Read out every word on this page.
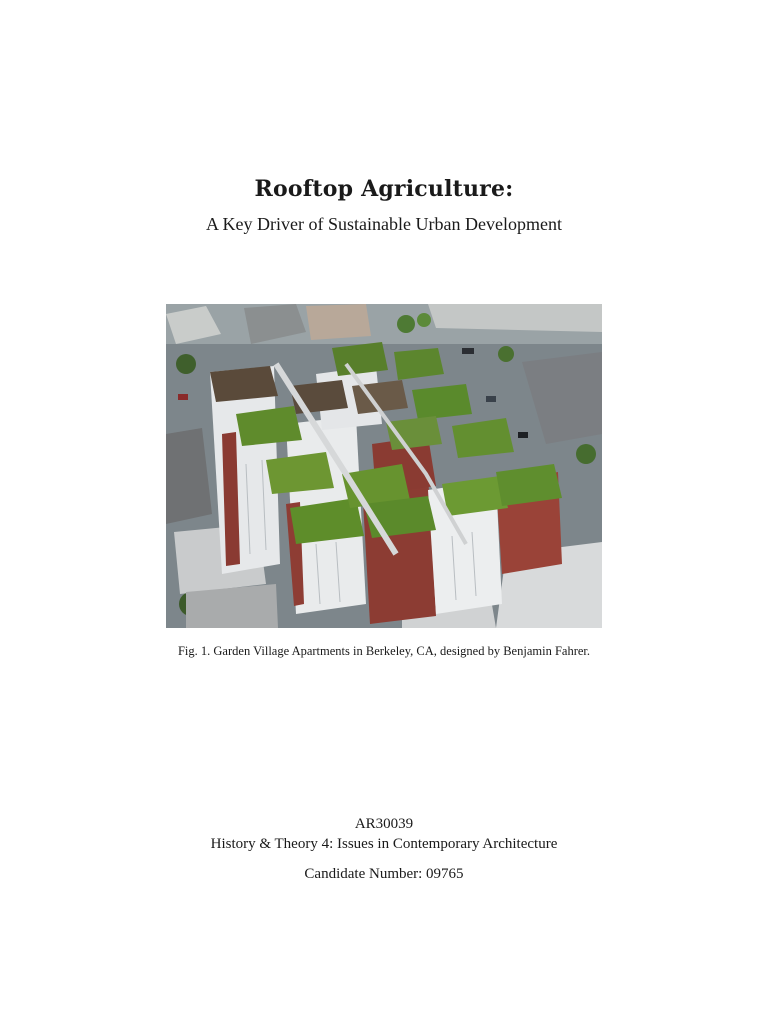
Rooftop Agriculture:
A Key Driver of Sustainable Urban Development
Fig. 1. Garden Village Apartments in Berkeley, CA, designed by Benjamin Fahrer.
AR30039
History & Theory 4: Issues in Contemporary Architecture
Candidate Number: 09765
